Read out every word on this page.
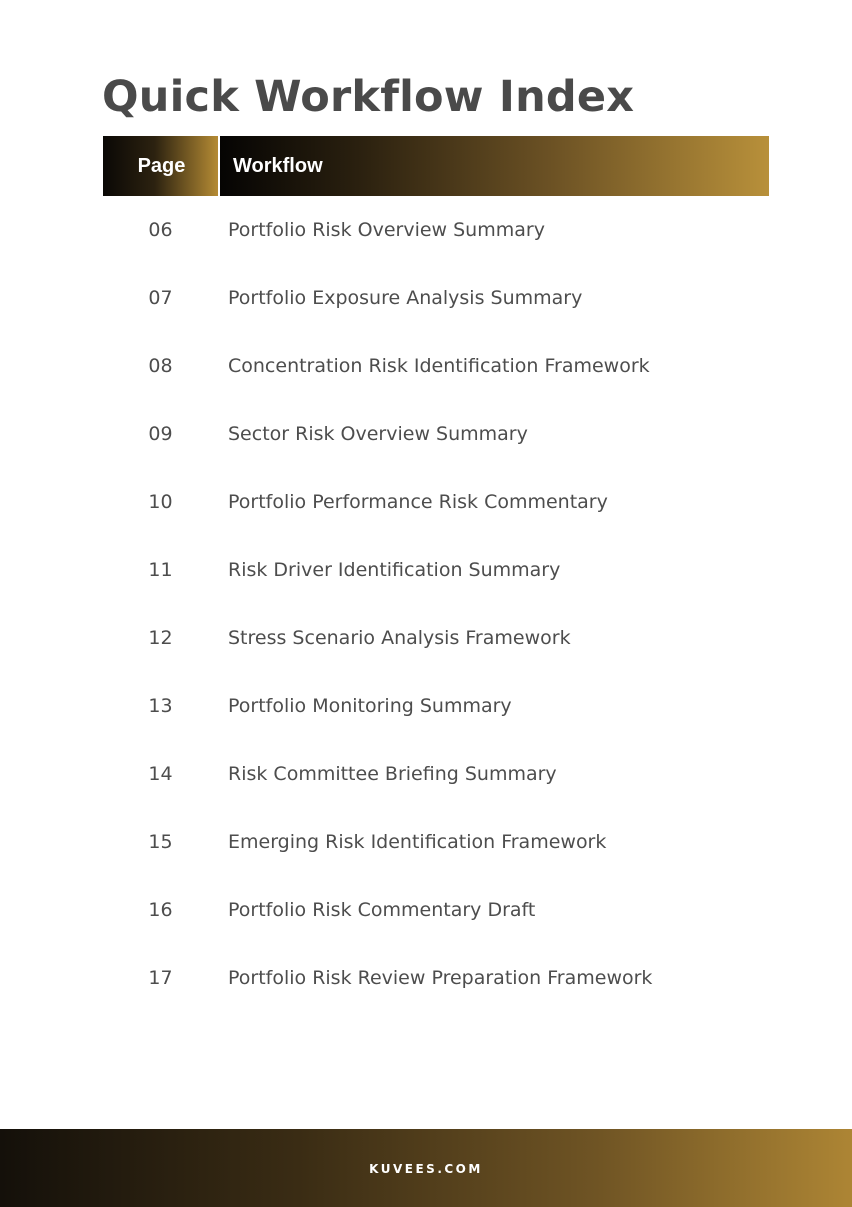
Quick Workflow Index
Page	Workflow
06	Portfolio Risk Overview Summary
07	Portfolio Exposure Analysis Summary
08	Concentration Risk Identification Framework
09	Sector Risk Overview Summary
10	Portfolio Performance Risk Commentary
11	Risk Driver Identification Summary
12	Stress Scenario Analysis Framework
13	Portfolio Monitoring Summary
14	Risk Committee Briefing Summary
15	Emerging Risk Identification Framework
16	Portfolio Risk Commentary Draft
17	Portfolio Risk Review Preparation Framework
KUVEES.COM
